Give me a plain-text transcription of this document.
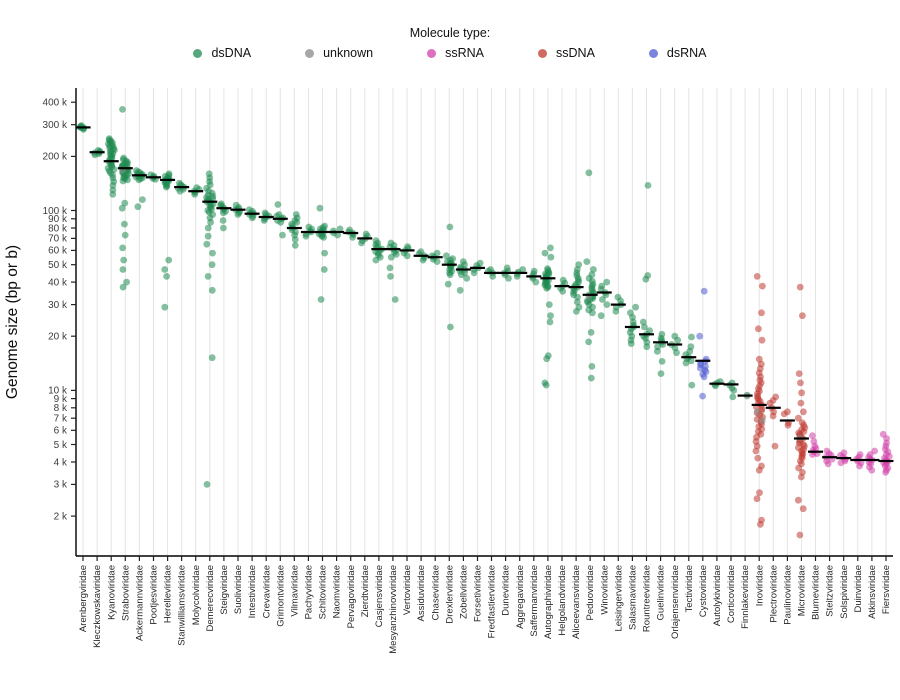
Molecule type:
dsDNA	unknown	ssRNA	ssDNA	dsRNA
Genome size (bp or b)
400 k
300 k
200 k
100 k
90 k
80 k
70 k
60 k
50 k
40 k
30 k
20 k
10 k
9 k
8 k
7 k
6 k
5 k
4 k
3 k
2 k
Arenbergviridae Kleczkowskaviridae Kyanoviridae Straboviridae Ackermannviridae Pootjesviridae Herelleviridae Stanwilliamsviridae Molycolviridae Demerecviridae Steigviridae Suoliviridae Intestiviridae Crevaviridae Grimontviridae Vilmaviridae Pachyviridae Schitoviridae Naomviridae Pervagoviridae Zierdtviridae Casjensviridae Mesyanzhinovviridae Vertoviridae Assiduviridae Chaseviridae Drexlerviridae Zobellviridae Forsetiviridae Fredfastierviridae Duneviridae Aggregaviridae Saffermanviridae Autographiviridae Helgolandviridae Aliceevansviridae Peduoviridae Winoviridae Leisingerviridae Salasmaviridae Rountreeviridae Guelinviridae Orlajensenviridae Tectiviridae Cystoviridae Autolykiviridae Corticoviridae Finnlakeviridae Inoviridae Plectroviridae Paulinoviridae Microviridae Blumeviridae Steitzviridae Solspiviridae Duinviridae Atkinsviridae Fiersviridae
